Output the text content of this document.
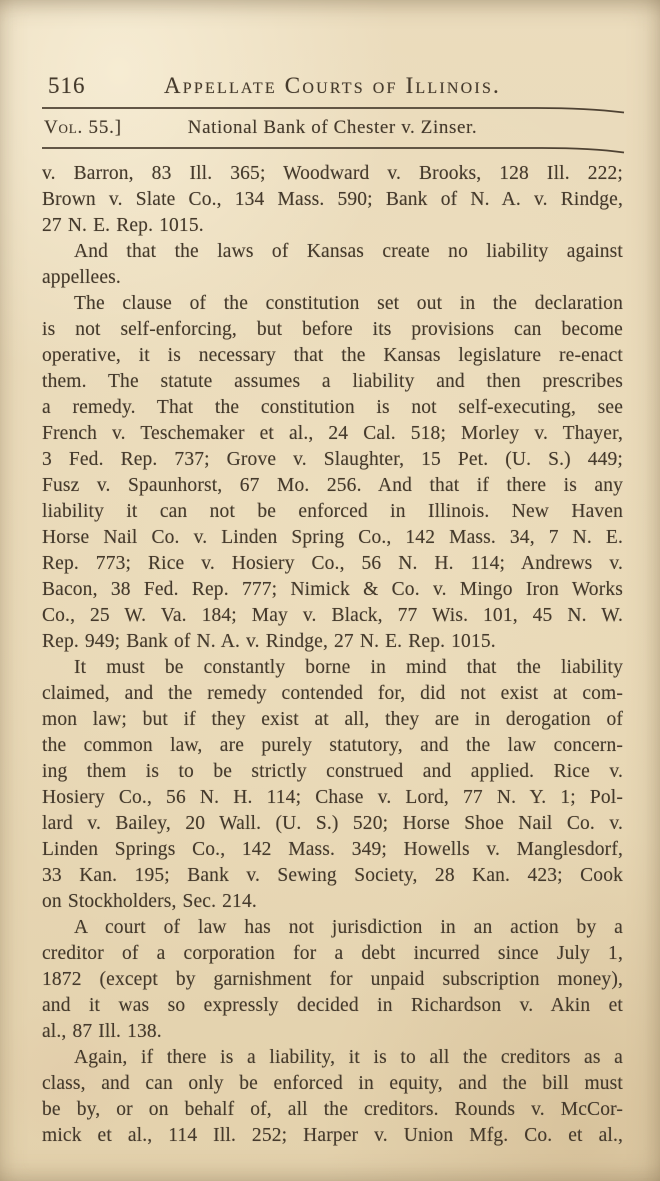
516	Appellate Courts of Illinois.
Vol. 55.]	National Bank of Chester v. Zinser.
v. Barron, 83 Ill. 365; Woodward v. Brooks, 128 Ill. 222;
Brown v. Slate Co., 134 Mass. 590; Bank of N. A. v. Rindge,
27 N. E. Rep. 1015.
And that the laws of Kansas create no liability against
appellees.
The clause of the constitution set out in the declaration
is not self-enforcing, but before its provisions can become
operative, it is necessary that the Kansas legislature re-enact
them. The statute assumes a liability and then prescribes
a remedy. That the constitution is not self-executing, see
French v. Teschemaker et al., 24 Cal. 518; Morley v. Thayer,
3 Fed. Rep. 737; Grove v. Slaughter, 15 Pet. (U. S.) 449;
Fusz v. Spaunhorst, 67 Mo. 256. And that if there is any
liability it can not be enforced in Illinois. New Haven
Horse Nail Co. v. Linden Spring Co., 142 Mass. 34, 7 N. E.
Rep. 773; Rice v. Hosiery Co., 56 N. H. 114; Andrews v.
Bacon, 38 Fed. Rep. 777; Nimick & Co. v. Mingo Iron Works
Co., 25 W. Va. 184; May v. Black, 77 Wis. 101, 45 N. W.
Rep. 949; Bank of N. A. v. Rindge, 27 N. E. Rep. 1015.
It must be constantly borne in mind that the liability
claimed, and the remedy contended for, did not exist at com-
mon law; but if they exist at all, they are in derogation of
the common law, are purely statutory, and the law concern-
ing them is to be strictly construed and applied. Rice v.
Hosiery Co., 56 N. H. 114; Chase v. Lord, 77 N. Y. 1; Pol-
lard v. Bailey, 20 Wall. (U. S.) 520; Horse Shoe Nail Co. v.
Linden Springs Co., 142 Mass. 349; Howells v. Manglesdorf,
33 Kan. 195; Bank v. Sewing Society, 28 Kan. 423; Cook
on Stockholders, Sec. 214.
A court of law has not jurisdiction in an action by a
creditor of a corporation for a debt incurred since July 1,
1872 (except by garnishment for unpaid subscription money),
and it was so expressly decided in Richardson v. Akin et
al., 87 Ill. 138.
Again, if there is a liability, it is to all the creditors as a
class, and can only be enforced in equity, and the bill must
be by, or on behalf of, all the creditors. Rounds v. McCor-
mick et al., 114 Ill. 252; Harper v. Union Mfg. Co. et al.,
